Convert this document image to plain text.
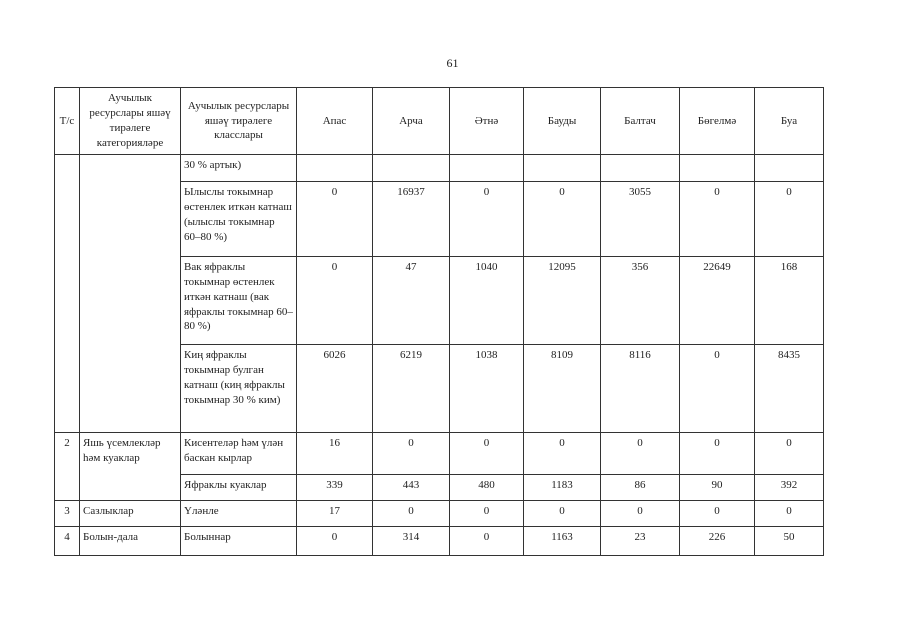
61
Т/с	Аучылык ресурслары яшәү тирәлеге категорияләре	Аучылык ресурслары яшәү тирәлеге класслары	Апас	Арча	Әтнә	Бауды	Балтач	Бөгелмә	Буа
		30 % артык)							
		Ылыслы токымнар өстенлек иткән катнаш (ылыслы токымнар 60–80 %)	0	16937	0	0	3055	0	0
		Вак яфраклы токымнар өстенлек иткән катнаш (вак яфраклы токымнар 60–80 %)	0	47	1040	12095	356	22649	168
		Киң яфраклы токымнар булган катнаш (киң яфраклы токымнар 30 % ким)	6026	6219	1038	8109	8116	0	8435
2	Яшь үсемлекләр һәм куаклар	Кисентеләр һәм үлән баскан кырлар	16	0	0	0	0	0	0
		Яфраклы куаклар	339	443	480	1183	86	90	392
3	Сазлыклар	Үләнле	17	0	0	0	0	0	0
4	Болын-дала	Болыннар	0	314	0	1163	23	226	50
